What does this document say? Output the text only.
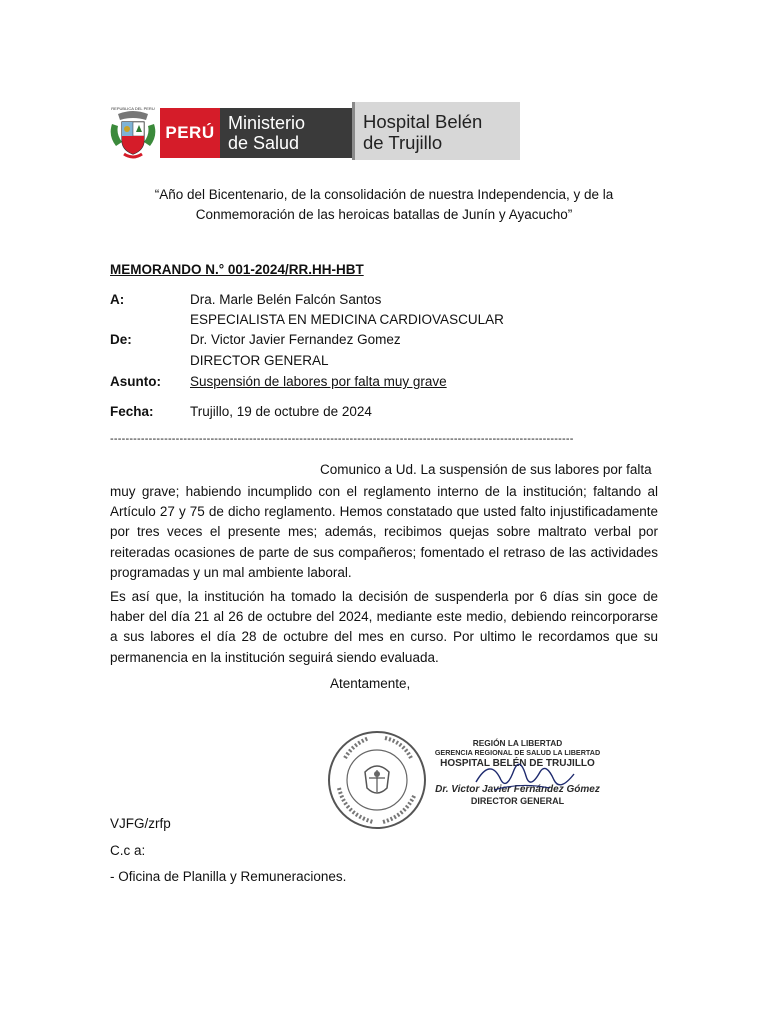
REPUBLICA DEL PERU
PERÚ Ministerio
de Salud
Hospital Belén
de Trujillo
“Año del Bicentenario, de la consolidación de nuestra Independencia, y de la
Conmemoración de las heroicas batallas de Junín y Ayacucho”
MEMORANDO N.° 001-2024/RR.HH-HBT
A:	Dra. Marle Belén Falcón Santos
ESPECIALISTA EN MEDICINA CARDIOVASCULAR
De:	Dr. Victor Javier Fernandez Gomez
DIRECTOR GENERAL
Asunto: Suspensión de labores por falta muy grave
Fecha:	Trujillo, 19 de octubre de 2024
------------------------------------------------------------------------------------------------------------------------
Comunico a Ud. La suspensión de sus labores por falta
muy grave; habiendo incumplido con el reglamento interno de la institución; faltando al Artículo 27 y 75 de dicho reglamento. Hemos constatado que usted falto injustificadamente por tres veces el presente mes; además, recibimos quejas sobre maltrato verbal por reiteradas ocasiones de parte de sus compañeros; fomentado el retraso de las actividades programadas y un mal ambiente laboral.
Es así que, la institución ha tomado la decisión de suspenderla por 6 días sin goce de haber del día 21 al 26 de octubre del 2024, mediante este medio, debiendo reincorporarse a sus labores el día 28 de octubre del mes en curso. Por ultimo le recordamos que su permanencia en la institución seguirá siendo evaluada.
Atentamente,
REGIÓN LA LIBERTAD
GERENCIA REGIONAL DE SALUD LA LIBERTAD
HOSPITAL BELÉN DE TRUJILLO
Dr. Victor Javier Fernández Gómez
DIRECTOR GENERAL
VJFG/zrfp
C.c a:
- Oficina de Planilla y Remuneraciones.
